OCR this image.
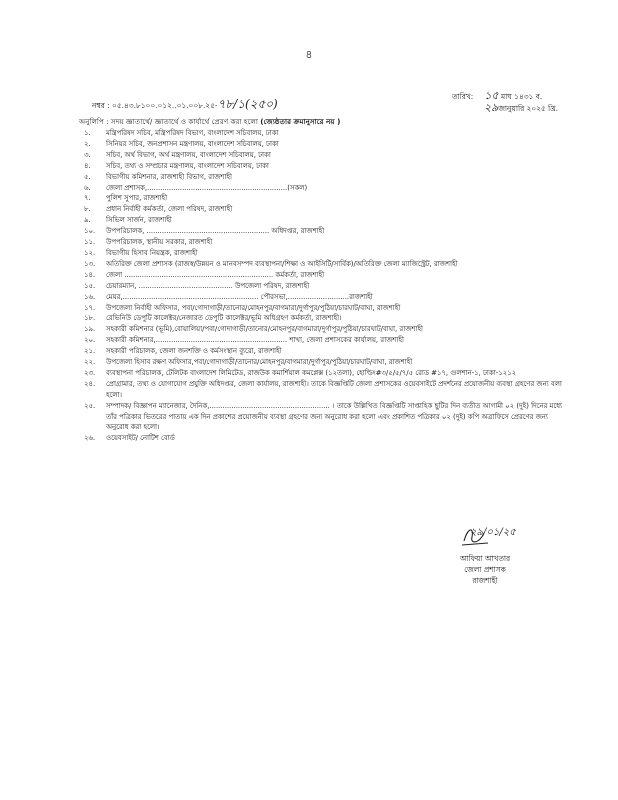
৪
নম্বর : ০৫.৪৩.৮১০০.০১২..০১.০০৮.২৫-৭৮/১(২৫০)
তারিখ: ১৫ মাঘ ১৪৩১ ব.
২৯জানুয়ারি ২০২৫ খ্রি.
অনুলিপি : সদয় জ্ঞাতার্থে/ জ্ঞাতার্থে ও কার্যার্থে প্রেরণ করা হলো (জ্যেষ্ঠতার ক্রমানুসারে নয় )
১.	মন্ত্রিপরিষদ সচিব, মন্ত্রিপরিষদ বিভাগ, বাংলাদেশ সচিবালয়, ঢাকা
২.	সিনিয়র সচিব, জনপ্রশাসন মন্ত্রণালয়, বাংলাদেশ সচিবালয়, ঢাকা
৩.	সচিব, অর্থ বিভাগ, অর্থ মন্ত্রণালয়, বাংলাদেশ সচিবালয়, ঢাকা
৪.	সচিব, তথ্য ও সম্প্রচার মন্ত্রণালয়, বাংলাদেশ সচিবালয়, ঢাকা
৫.	বিভাগীয় কমিশনার, রাজশাহী বিভাগ, রাজশাহী
৬.	জেলা প্রশাসক,................................................................(সকল)
৭.	পুলিশ সুপার, রাজশাহী
৮.	প্রধান নির্বাহী কর্মকর্তা, জেলা পরিষদ, রাজশাহী
৯.	সিভিল সার্জন, রাজশাহী
১০.	উপপরিচালক, ........................................................ অধিদপ্তর, রাজশাহী
১১.	উপপরিচালক, স্থানীয় সরকার, রাজশাহী
১২.	বিভাগীয় হিসাব নিয়ন্ত্রক, রাজশাহী
১৩.	অতিরিক্ত জেলা প্রশাসক (রাজস্ব/উন্নয়ন ও মানবসম্পদ ব্যবস্থাপনা/শিক্ষা ও আইসিটি/সার্বিক)/অতিরিক্ত জেলা ম্যাজিস্ট্রেট, রাজশাহী
১৪.	জেলা .................................................................... কর্মকর্তা, রাজশাহী
১৫.	চেয়ারম্যান, ........................................... উপজেলা পরিষদ, রাজশাহী
১৬.	মেয়র,.............................................................. পৌরসভা,............................রাজশাহী
১৭.	উপজেলা নির্বাহী অফিসার, পবা/গোদাগাড়ী/তানোর/মোহনপুর/বাগমারা/দুর্গাপুর/পুঠিয়া/চারঘাট/বাঘা, রাজশাহী
১৮.	রেভিনিউ ডেপুটি কালেক্টর/নেজারত ডেপুটি কালেক্টর/ভূমি অধিগ্রহণ কর্মকর্তা, রাজশাহী।
১৯.	সহকারী কমিশনার (ভূমি),বোয়ালিয়া/পবা/গোদাগাড়ী/তানোর/মোহনপুর/বাগমারা/দুর্গাপুর/পুঠিয়া/চারঘাট/বাঘা, রাজশাহী
২০.	সহকারী কমিশনার,............................................................ শাখা, জেলা প্রশাসকের কার্যালয়, রাজশাহী
২১.	সহকারী পরিচালক, জেলা জনশক্তি ও কর্মসংস্থান ব্যুরো, রাজশাহী
২২.	উপজেলা হিসাব রক্ষণ অফিসার,পবা/গোদাগাড়ী/তানোর/মোহনপুর/বাগমারা/দুর্গাপুর/পুঠিয়া/চারঘাট/বাঘা, রাজশাহী
২৩.	ব্যবস্থাপনা পরিচালক, টেলিটক বাংলাদেশ লিমিটেড, রাজউক কমার্শিয়াল কমপ্লেক্স (১২তলা), হোল্ডিং#৩/৫/৫/৭/৫ রোড #১৭, গুলশান-১, ঢাকা-১২১২
২৪.	প্রোগ্রামার, তথ্য ও যোগাযোগ প্রযুক্তি অধিদপ্তর, জেলা কার্যালয়, রাজশাহী। তাকে বিজ্ঞপ্তিটি জেলা প্রশাসকের ওয়েবসাইটে প্রদর্শনের প্রয়োজনীয় ব্যবস্থা গ্রহণের জন্য বলা হলো।
২৫.	সম্পাদক/ বিজ্ঞাপন ম্যানেজার, দৈনিক,....................................................... । তাকে উল্লিখিত বিজ্ঞপ্তিটি সাপ্তাহিক ছুটির দিন ব্যতীত আগামী ০২ (দুই) দিনের মধ্যে তাঁর পত্রিকার ভিতরের পাতায় এক দিন প্রকাশের প্রয়োজনীয় ব্যবস্থা গ্রহণের জন্য অনুরোধ করা হলো এবং প্রকাশিত পত্রিকার ০২ (দুই) কপি অত্রাফিসে প্রেরণের জন্য অনুরোধ করা হলো।
২৬.	ওয়েবসাইট/ নোটিশ বোর্ড
২৯/০১/২৫
আফিয়া আখতার
জেলা প্রশাসক
রাজশাহী
